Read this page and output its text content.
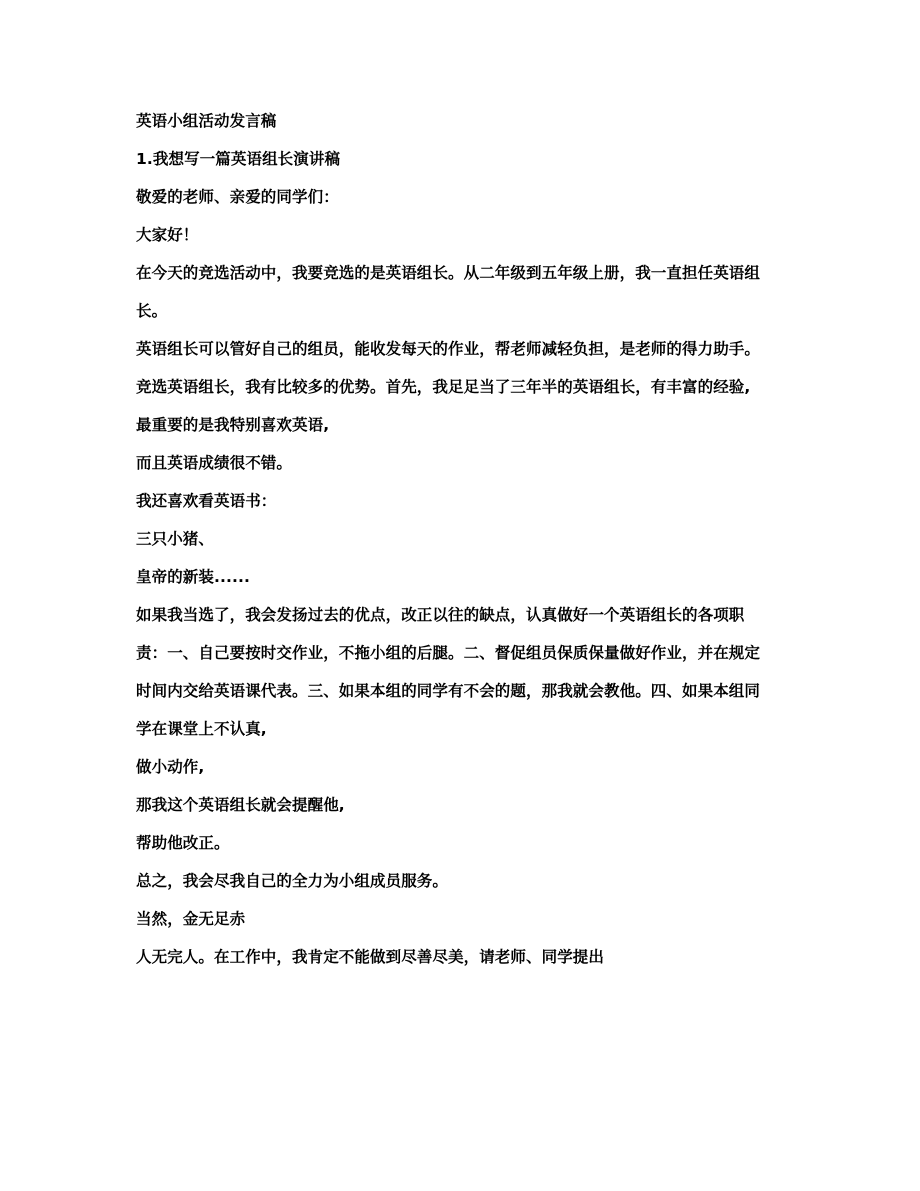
英语小组活动发言稿

1.我想写一篇英语组长演讲稿

敬爱的老师、亲爱的同学们：

大家好！

在今天的竞选活动中，我要竞选的是英语组长。从二年级到五年级上册，我一直担任英语组长。

英语组长可以管好自己的组员，能收发每天的作业，帮老师减轻负担，是老师的得力助手。

竞选英语组长，我有比较多的优势。首先，我足足当了三年半的英语组长，有丰富的经验,

最重要的是我特别喜欢英语,

而且英语成绩很不错。

我还喜欢看英语书：

三只小猪、

皇帝的新装......

如果我当选了，我会发扬过去的优点，改正以往的缺点，认真做好一个英语组长的各项职责：一、自己要按时交作业，不拖小组的后腿。二、督促组员保质保量做好作业，并在规定时间内交给英语课代表。三、如果本组的同学有不会的题，那我就会教他。四、如果本组同学在课堂上不认真,

做小动作,

那我这个英语组长就会提醒他,

帮助他改正。

总之，我会尽我自己的全力为小组成员服务。

当然，金无足赤

人无完人。在工作中，我肯定不能做到尽善尽美，请老师、同学提出
